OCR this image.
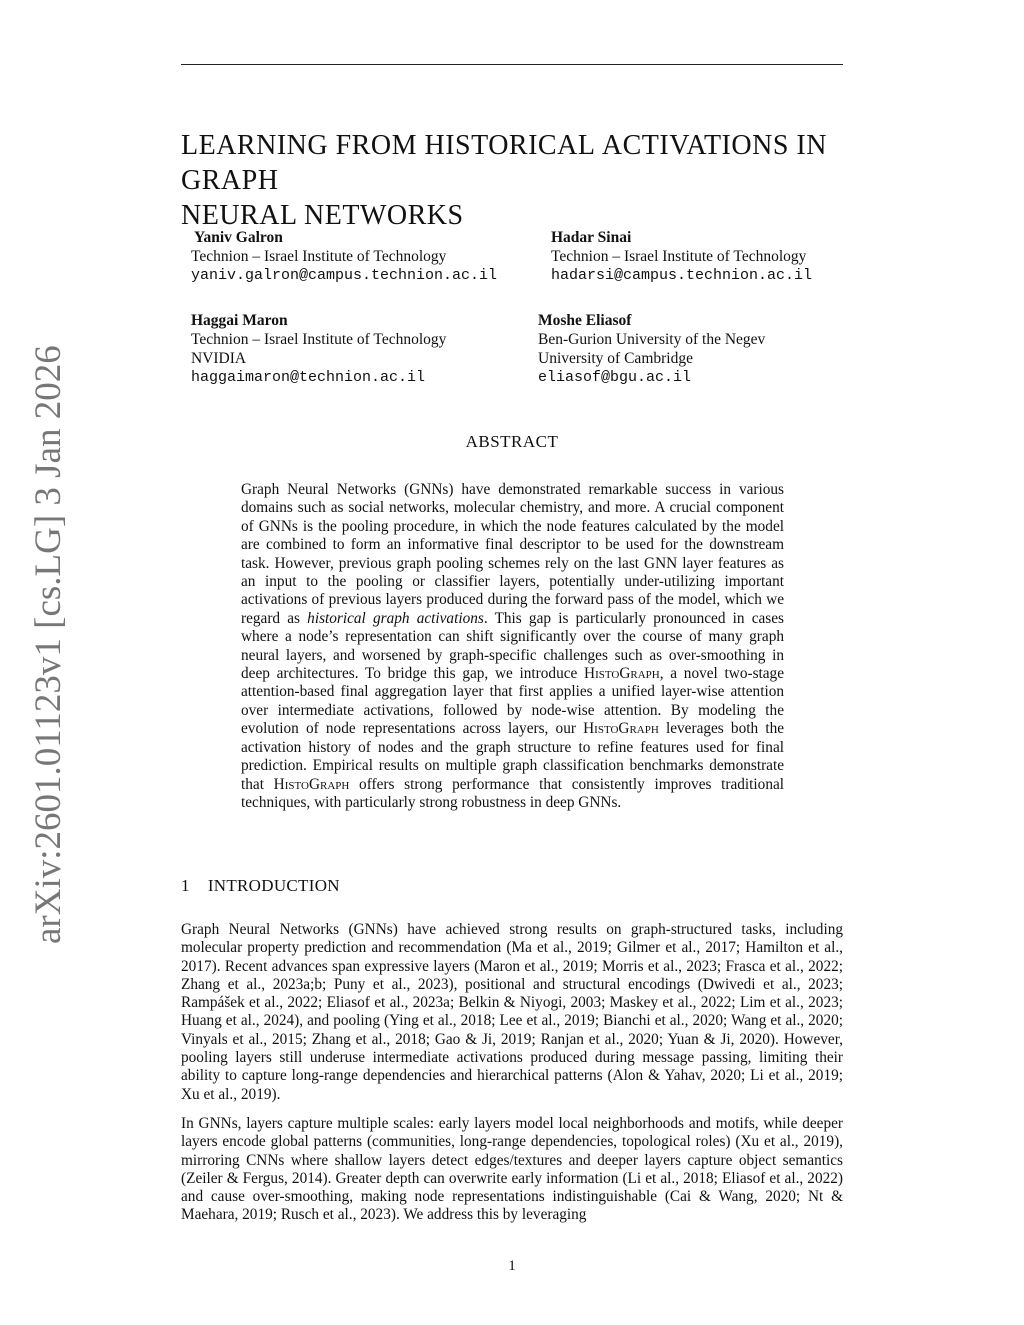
arXiv:2601.01123v1 [cs.LG] 3 Jan 2026
LEARNING FROM HISTORICAL ACTIVATIONS IN GRAPH
NEURAL NETWORKS
Yaniv Galron
Technion – Israel Institute of Technology
yaniv.galron@campus.technion.ac.il
Hadar Sinai
Technion – Israel Institute of Technology
hadarsi@campus.technion.ac.il
Haggai Maron
Technion – Israel Institute of Technology
NVIDIA
haggaimaron@technion.ac.il
Moshe Eliasof
Ben-Gurion University of the Negev
University of Cambridge
eliasof@bgu.ac.il
ABSTRACT
Graph Neural Networks (GNNs) have demonstrated remarkable success in various domains such as social networks, molecular chemistry, and more. A crucial component of GNNs is the pooling procedure, in which the node features calculated by the model are combined to form an informative final descriptor to be used for the downstream task. However, previous graph pooling schemes rely on the last GNN layer features as an input to the pooling or classifier layers, potentially under-utilizing important activations of previous layers produced during the forward pass of the model, which we regard as historical graph activations. This gap is particularly pronounced in cases where a node’s representation can shift significantly over the course of many graph neural layers, and worsened by graph-specific challenges such as over-smoothing in deep architectures. To bridge this gap, we introduce HistoGraph, a novel two-stage attention-based final aggregation layer that first applies a unified layer-wise attention over intermediate activations, followed by node-wise attention. By modeling the evolution of node representations across layers, our HistoGraph leverages both the activation history of nodes and the graph structure to refine features used for final prediction. Empirical results on multiple graph classification benchmarks demonstrate that HistoGraph offers strong performance that consistently improves traditional techniques, with particularly strong robustness in deep GNNs.
1 INTRODUCTION

Graph Neural Networks (GNNs) have achieved strong results on graph-structured tasks, including molecular property prediction and recommendation (Ma et al., 2019; Gilmer et al., 2017; Hamilton et al., 2017). Recent advances span expressive layers (Maron et al., 2019; Morris et al., 2023; Frasca et al., 2022; Zhang et al., 2023a;b; Puny et al., 2023), positional and structural encodings (Dwivedi et al., 2023; Rampášek et al., 2022; Eliasof et al., 2023a; Belkin & Niyogi, 2003; Maskey et al., 2022; Lim et al., 2023; Huang et al., 2024), and pooling (Ying et al., 2018; Lee et al., 2019; Bianchi et al., 2020; Wang et al., 2020; Vinyals et al., 2015; Zhang et al., 2018; Gao & Ji, 2019; Ranjan et al., 2020; Yuan & Ji, 2020). However, pooling layers still underuse intermediate activations produced during message passing, limiting their ability to capture long-range dependencies and hierarchical patterns (Alon & Yahav, 2020; Li et al., 2019; Xu et al., 2019).

In GNNs, layers capture multiple scales: early layers model local neighborhoods and motifs, while deeper layers encode global patterns (communities, long-range dependencies, topological roles) (Xu et al., 2019), mirroring CNNs where shallow layers detect edges/textures and deeper layers capture object semantics (Zeiler & Fergus, 2014). Greater depth can overwrite early information (Li et al., 2018; Eliasof et al., 2022) and cause over-smoothing, making node representations indistinguishable (Cai & Wang, 2020; Nt & Maehara, 2019; Rusch et al., 2023). We address this by leveraging

1
